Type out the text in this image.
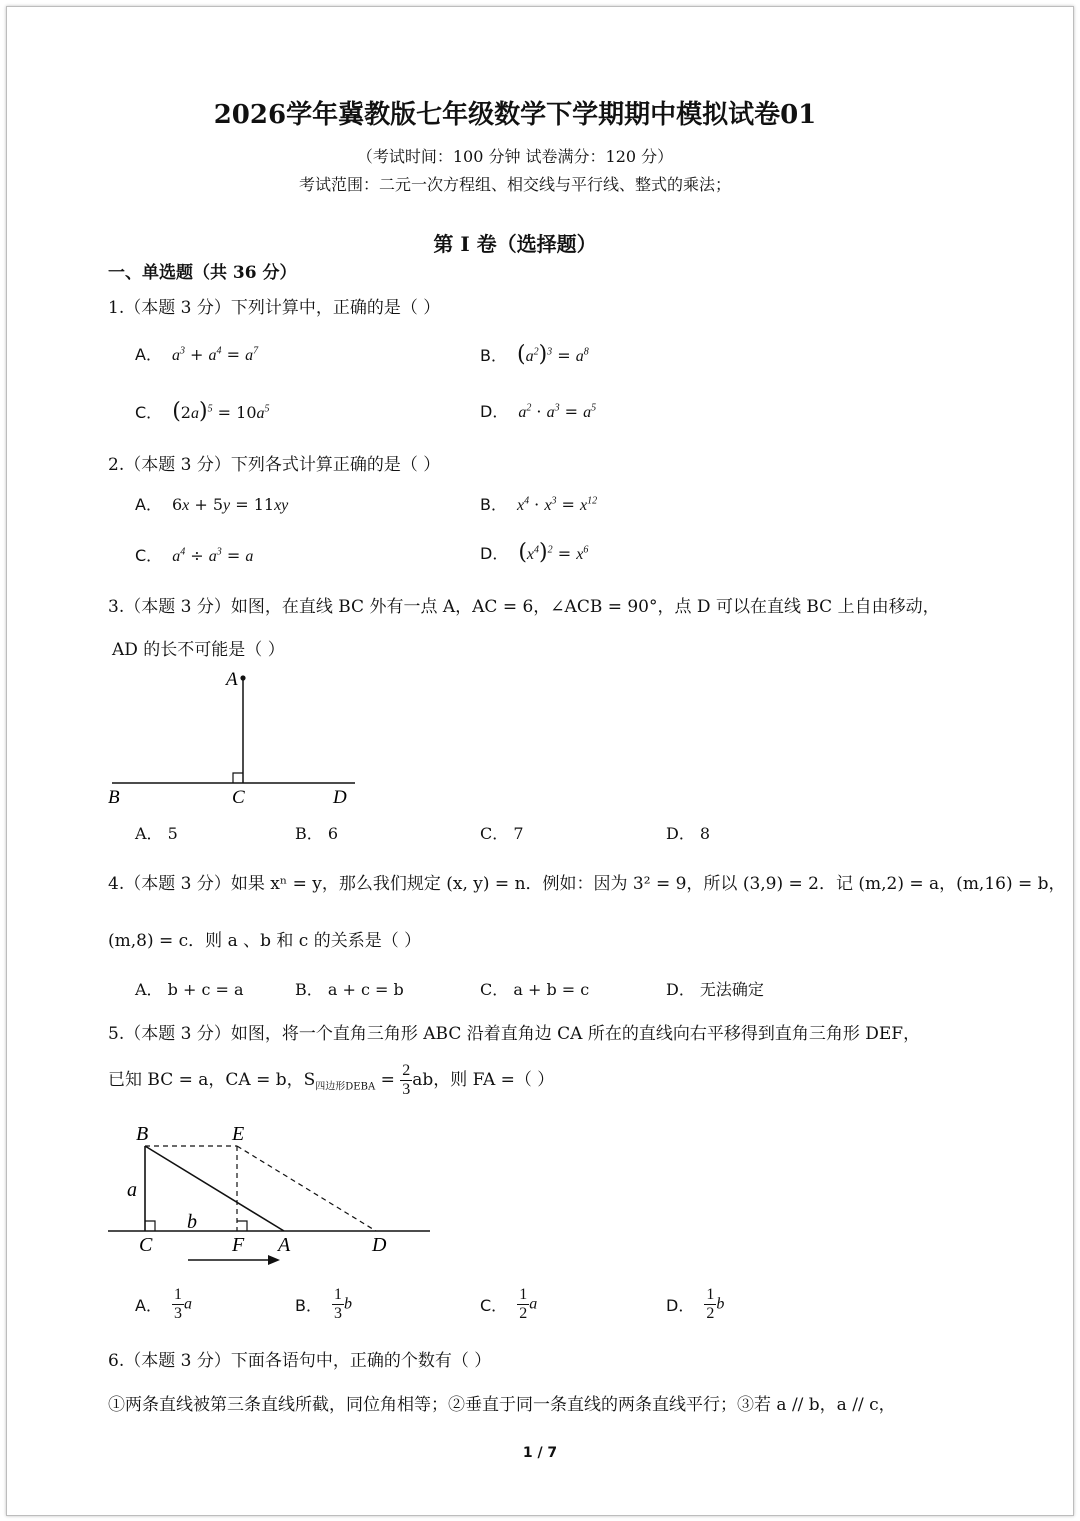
2026学年冀教版七年级数学下学期期中模拟试卷01
（考试时间：100 分钟 试卷满分：120 分）
考试范围：二元一次方程组、相交线与平行线、整式的乘法；
第 I 卷（选择题）
一、单选题（共 36 分）
1.（本题 3 分）下列计算中，正确的是（ ）
A． $a^3 + a^4 = a^7$	B． $(a^2)^3 = a^8$
C． $(2a)^5 = 10a^5$	D． $a^2 \cdot a^3 = a^5$
2.（本题 3 分）下列各式计算正确的是（ ）
A． 6x + 5y = 11xy	B． $x^4 \cdot x^3 = x^{12}$
C． $a^4 \div a^3 = a$	D． $(x^4)^2 = x^6$
3.（本题 3 分）如图，在直线 BC 外有一点 A，AC = 6，∠ACB = 90°，点 D 可以在直线 BC 上自由移动，
AD 的长不可能是（ ）
A
B	C	D
A． 5	B． 6	C． 7	D． 8
4.（本题 3 分）如果 xⁿ = y，那么我们规定 (x, y) = n．例如：因为 3² = 9，所以 (3,9) = 2．记 (m,2) = a，(m,16) = b，
(m,8) = c．则 a 、b 和 c 的关系是（ ）
A． b + c = a	B． a + c = b	C． a + b = c	D． 无法确定
5.（本题 3 分）如图，将一个直角三角形 ABC 沿着直角边 CA 所在的直线向右平移得到直角三角形 DEF，
已知 BC = a，CA = b，$S_{四边形DEBA} = \frac{2}{3}$ ab，则 FA =（ ）
B	E
a
b
C	F A	D
A． $\frac{1}{3}$ a	B． $\frac{1}{3}$ b	C． $\frac{1}{2}$ a	D． $\frac{1}{2}$ b
6.（本题 3 分）下面各语句中，正确的个数有（ ）
①两条直线被第三条直线所截，同位角相等；②垂直于同一条直线的两条直线平行；③若 a // b，a // c，
1 / 7
